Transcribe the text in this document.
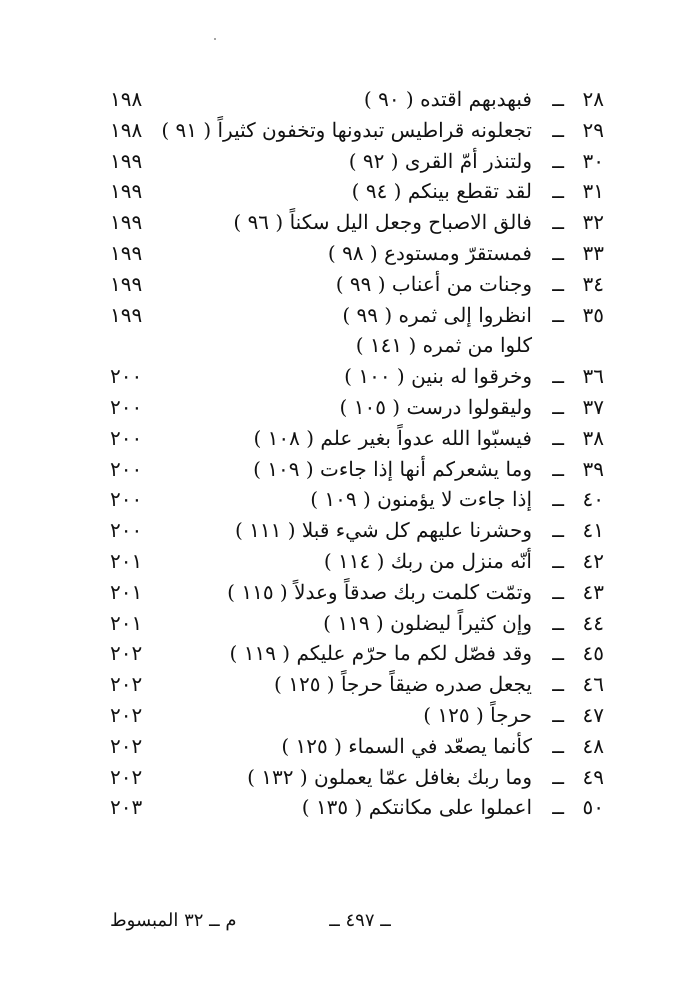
٢٨
ــ
فبهدبهم اقتده ( ٩٠ )
١٩٨
٢٩
ــ
تجعلونه قراطيس تبدونها وتخفون كثيراً ( ٩١ )
١٩٨
٣٠
ــ
ولتنذر أمّ القرى ( ٩٢ )
١٩٩
٣١
ــ
لقد تقطع بينكم ( ٩٤ )
١٩٩
٣٢
ــ
فالق الاصباح وجعل اليل سكناً ( ٩٦ )
١٩٩
٣٣
ــ
فمستقرّ ومستودع ( ٩٨ )
١٩٩
٣٤
ــ
وجنات من أعناب ( ٩٩ )
١٩٩
٣٥
ــ
انظروا إلى ثمره ( ٩٩ )
١٩٩
كلوا من ثمره ( ١٤١ )
٣٦
ــ
وخرقوا له بنين ( ١٠٠ )
٢٠٠
٣٧
ــ
وليقولوا درست ( ١٠٥ )
٢٠٠
٣٨
ــ
فيسبّوا الله عدواً بغير علم ( ١٠٨ )
٢٠٠
٣٩
ــ
وما يشعركم أنها إذا جاءت ( ١٠٩ )
٢٠٠
٤٠
ــ
إذا جاءت لا يؤمنون ( ١٠٩ )
٢٠٠
٤١
ــ
وحشرنا عليهم كل شيء قبلا ( ١١١ )
٢٠٠
٤٢
ــ
أنّه منزل من ربك ( ١١٤ )
٢٠١
٤٣
ــ
وتمّت كلمت ربك صدقاً وعدلاً ( ١١٥ )
٢٠١
٤٤
ــ
وإن كثيراً ليضلون ( ١١٩ )
٢٠١
٤٥
ــ
وقد فصّل لكم ما حرّم عليكم ( ١١٩ )
٢٠٢
٤٦
ــ
يجعل صدره ضيقاً حرجاً ( ١٢٥ )
٢٠٢
٤٧
ــ
حرجاً ( ١٢٥ )
٢٠٢
٤٨
ــ
كأنما يصعّد في السماء ( ١٢٥ )
٢٠٢
٤٩
ــ
وما ربك بغافل عمّا يعملون ( ١٣٢ )
٢٠٢
٥٠
ــ
اعملوا على مكانتكم ( ١٣٥ )
٢٠٣
ــ ٤٩٧ ــ
م ــ ٣٢ المبسوط
